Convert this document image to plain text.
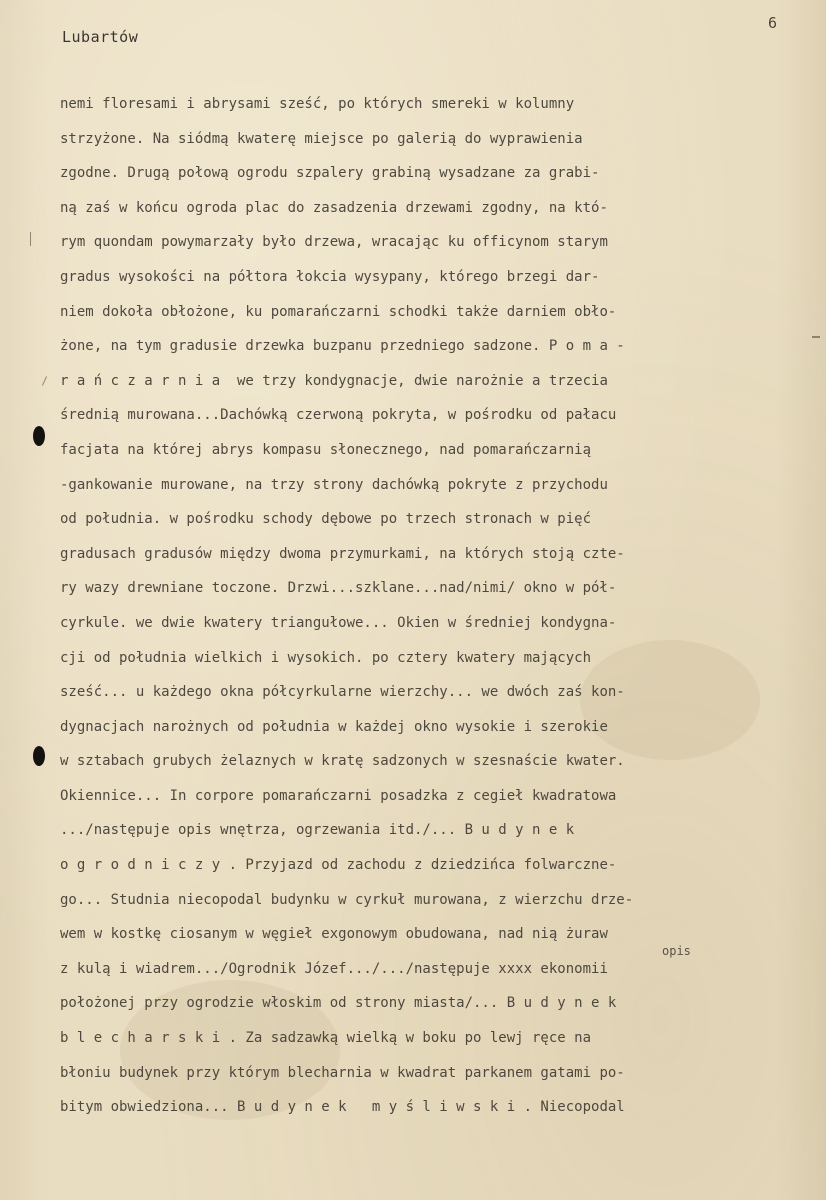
Lubartów
6
opis
nemi floresami i abrysami sześć, po których smereki w kolumny
strzyżone. Na siódmą kwaterę miejsce po galerią do wyprawienia
zgodne. Drugą połową ogrodu szpalery grabiną wysadzane za grabi-
ną zaś w końcu ogroda plac do zasadzenia drzewami zgodny, na któ-
rym quondam powymarzały było drzewa, wracając ku officynom starym
gradus wysokości na półtora łokcia wysypany, którego brzegi dar-
niem dokoła obłożone, ku pomarańczarni schodki także darniem obło-
żone, na tym gradusie drzewka buzpanu przedniego sadzone. P o m a -
r a ń c z a r n i a  we trzy kondygnacje, dwie narożnie a trzecia
średnią murowana...Dachówką czerwoną pokryta, w pośrodku od pałacu
facjata na której abrys kompasu słonecznego, nad pomarańczarnią
-gankowanie murowane, na trzy strony dachówką pokryte z przychodu
od południa. w pośrodku schody dębowe po trzech stronach w pięć
gradusach gradusów między dwoma przymurkami, na których stoją czte-
ry wazy drewniane toczone. Drzwi...szklane...nad/nimi/ okno w pół-
cyrkule. we dwie kwatery triangułowe... Okien w średniej kondygna-
cji od południa wielkich i wysokich. po cztery kwatery mających
sześć... u każdego okna półcyrkularne wierzchy... we dwóch zaś kon-
dygnacjach narożnych od południa w każdej okno wysokie i szerokie
w sztabach grubych żelaznych w kratę sadzonych w szesnaście kwater.
Okiennice... In corpore pomarańczarni posadzka z cegieł kwadratowa
.../następuje opis wnętrza, ogrzewania itd./... B u d y n e k
o g r o d n i c z y . Przyjazd od zachodu z dziedzińca folwarczne-
go... Studnia niecopodal budynku w cyrkuł murowana, z wierzchu drze-
wem w kostkę ciosanym w węgieł exgonowym obudowana, nad nią żuraw
z kulą i wiadrem.../Ogrodnik Józef.../.../następuje xxxx ekonomii
położonej przy ogrodzie włoskim od strony miasta/... B u d y n e k
b l e c h a r s k i . Za sadzawką wielką w boku po lewj ręce na
błoniu budynek przy którym blecharnia w kwadrat parkanem gatami po-
bitym obwiedziona... B u d y n e k   m y ś l i w s k i . Niecopodal
